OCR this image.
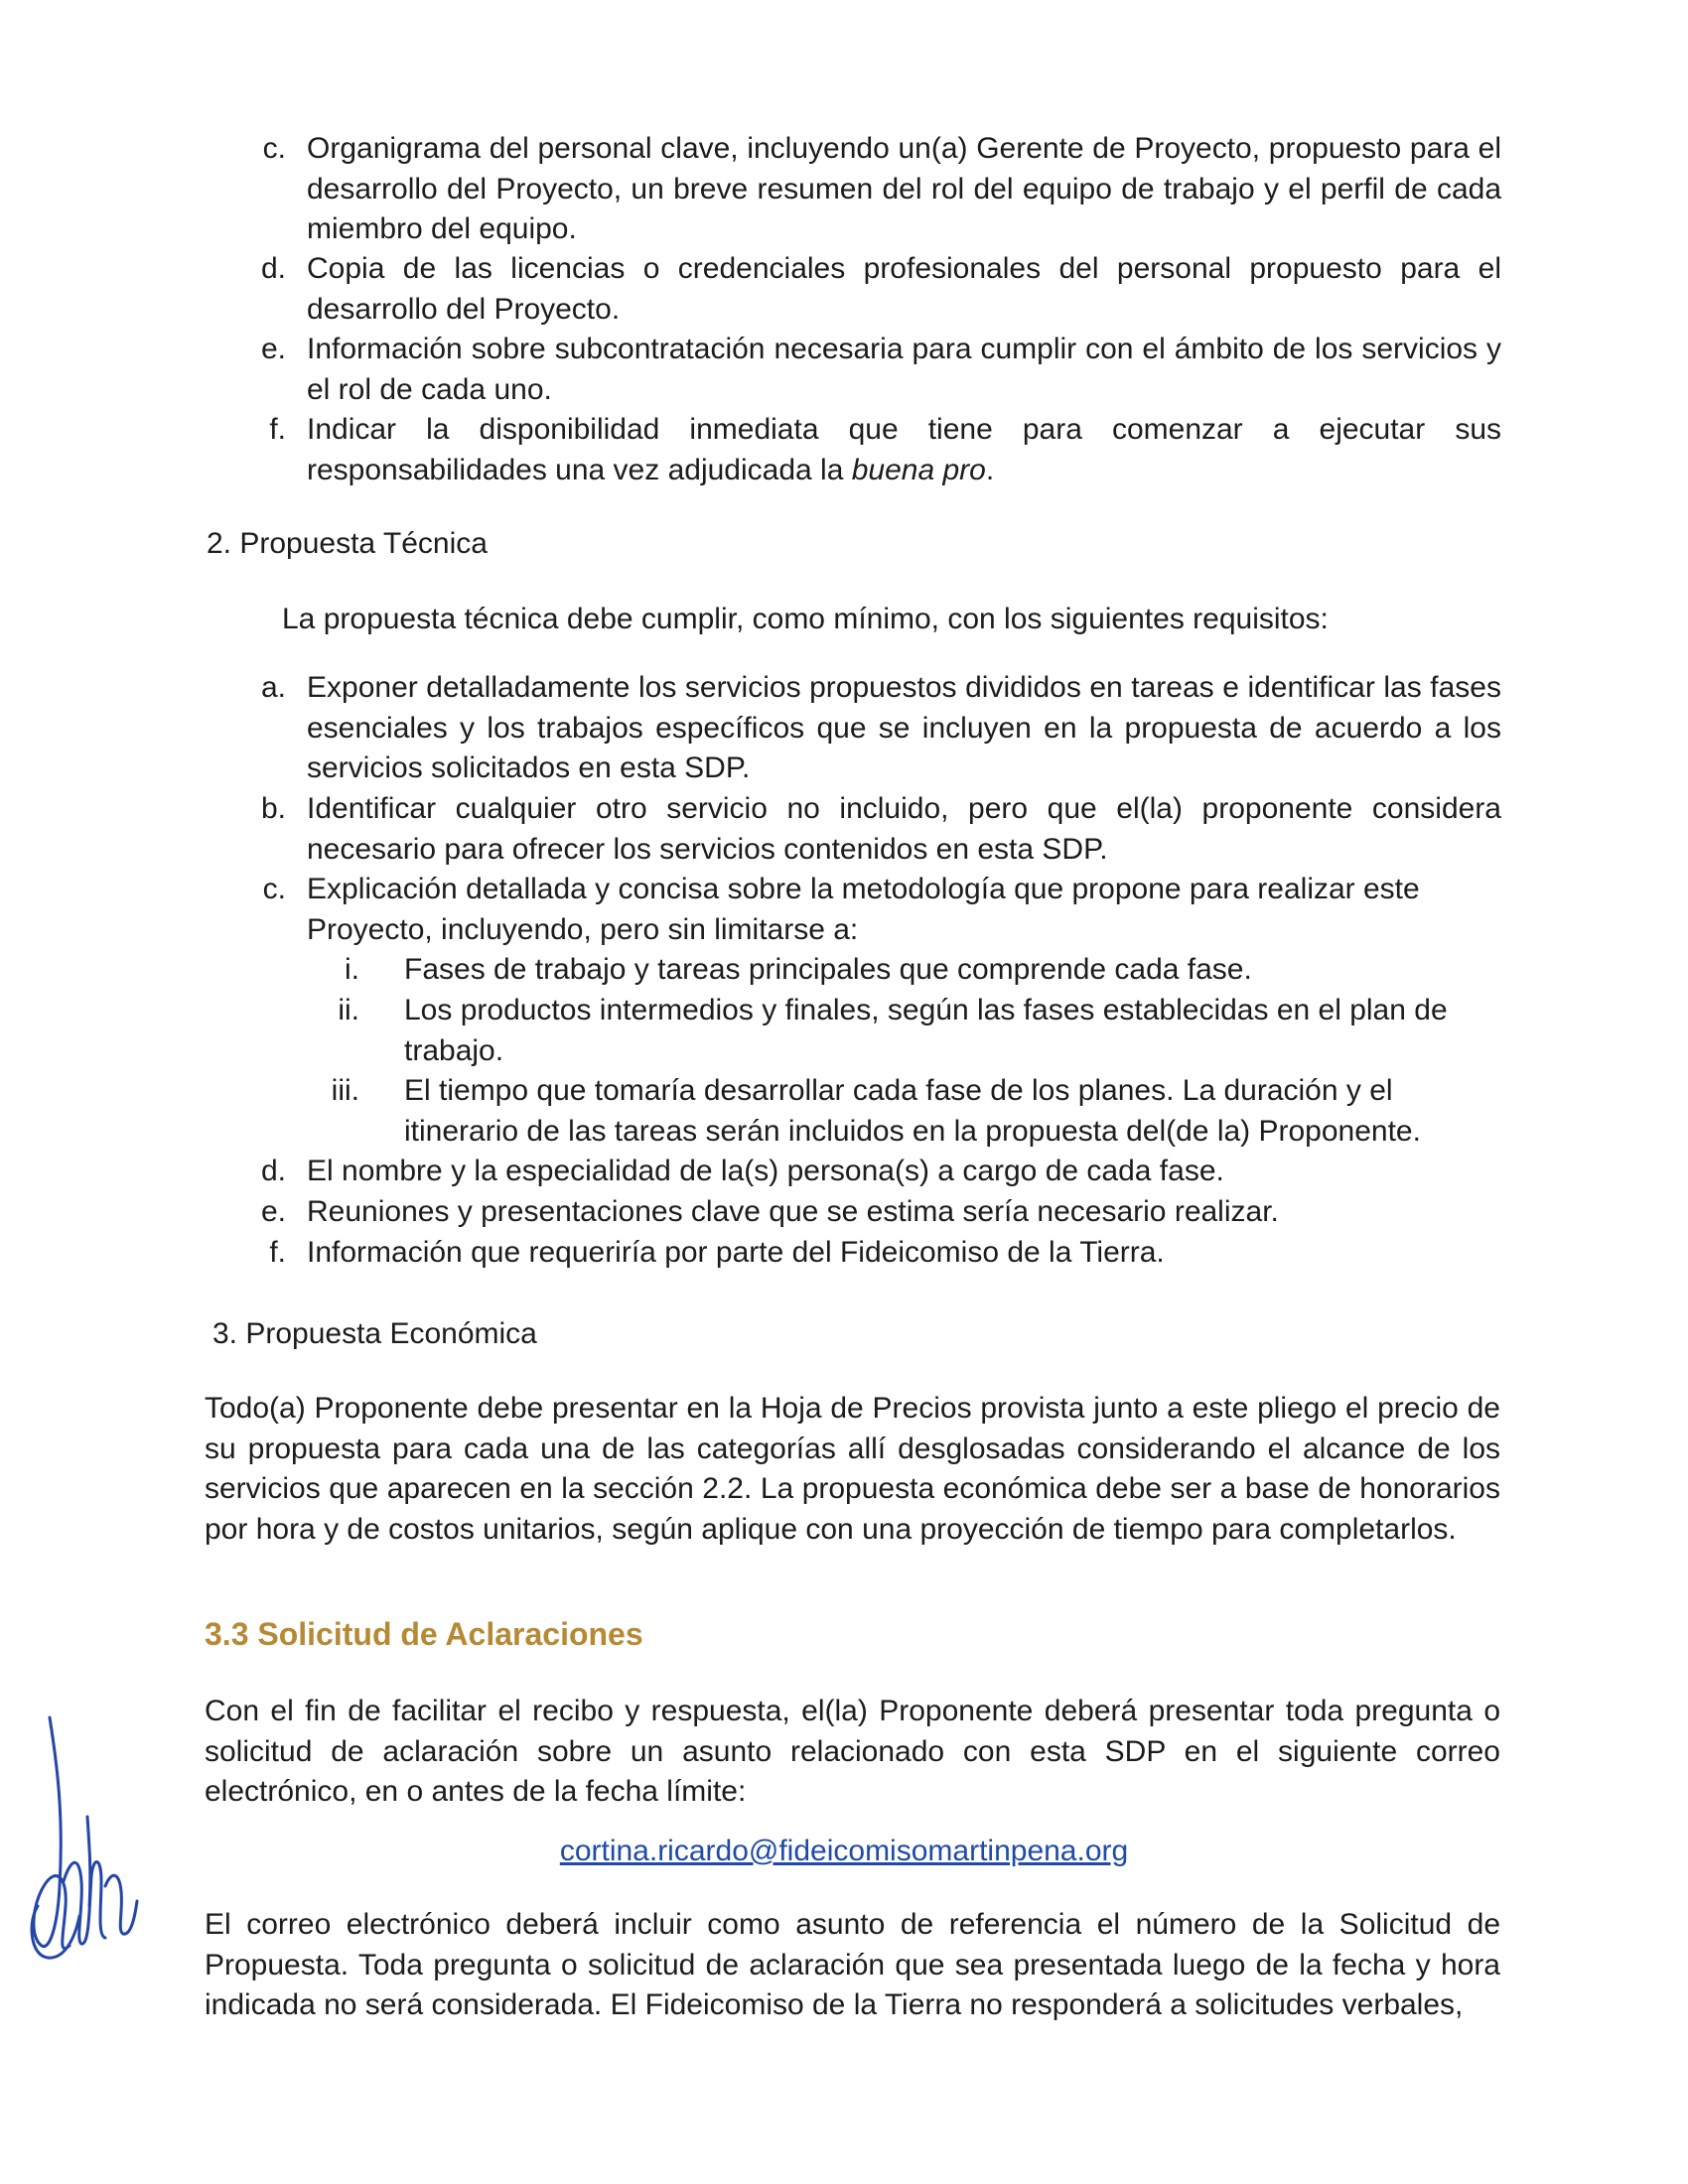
c. Organigrama del personal clave, incluyendo un(a) Gerente de Proyecto, propuesto para el desarrollo del Proyecto, un breve resumen del rol del equipo de trabajo y el perfil de cada miembro del equipo.
d. Copia de las licencias o credenciales profesionales del personal propuesto para el desarrollo del Proyecto.
e. Información sobre subcontratación necesaria para cumplir con el ámbito de los servicios y el rol de cada uno.
f. Indicar la disponibilidad inmediata que tiene para comenzar a ejecutar sus responsabilidades una vez adjudicada la buena pro.
2. Propuesta Técnica
La propuesta técnica debe cumplir, como mínimo, con los siguientes requisitos:
a. Exponer detalladamente los servicios propuestos divididos en tareas e identificar las fases esenciales y los trabajos específicos que se incluyen en la propuesta de acuerdo a los servicios solicitados en esta SDP.
b. Identificar cualquier otro servicio no incluido, pero que el(la) proponente considera necesario para ofrecer los servicios contenidos en esta SDP.
c. Explicación detallada y concisa sobre la metodología que propone para realizar este Proyecto, incluyendo, pero sin limitarse a:
i. Fases de trabajo y tareas principales que comprende cada fase.
ii. Los productos intermedios y finales, según las fases establecidas en el plan de trabajo.
iii. El tiempo que tomaría desarrollar cada fase de los planes. La duración y el itinerario de las tareas serán incluidos en la propuesta del(de la) Proponente.
d. El nombre y la especialidad de la(s) persona(s) a cargo de cada fase.
e. Reuniones y presentaciones clave que se estima sería necesario realizar.
f. Información que requeriría por parte del Fideicomiso de la Tierra.
3. Propuesta Económica
Todo(a) Proponente debe presentar en la Hoja de Precios provista junto a este pliego el precio de su propuesta para cada una de las categorías allí desglosadas considerando el alcance de los servicios que aparecen en la sección 2.2. La propuesta económica debe ser a base de honorarios por hora y de costos unitarios, según aplique con una proyección de tiempo para completarlos.
3.3 Solicitud de Aclaraciones
Con el fin de facilitar el recibo y respuesta, el(la) Proponente deberá presentar toda pregunta o solicitud de aclaración sobre un asunto relacionado con esta SDP en el siguiente correo electrónico, en o antes de la fecha límite:
cortina.ricardo@fideicomisomartinpena.org
El correo electrónico deberá incluir como asunto de referencia el número de la Solicitud de Propuesta. Toda pregunta o solicitud de aclaración que sea presentada luego de la fecha y hora indicada no será considerada. El Fideicomiso de la Tierra no responderá a solicitudes verbales,
